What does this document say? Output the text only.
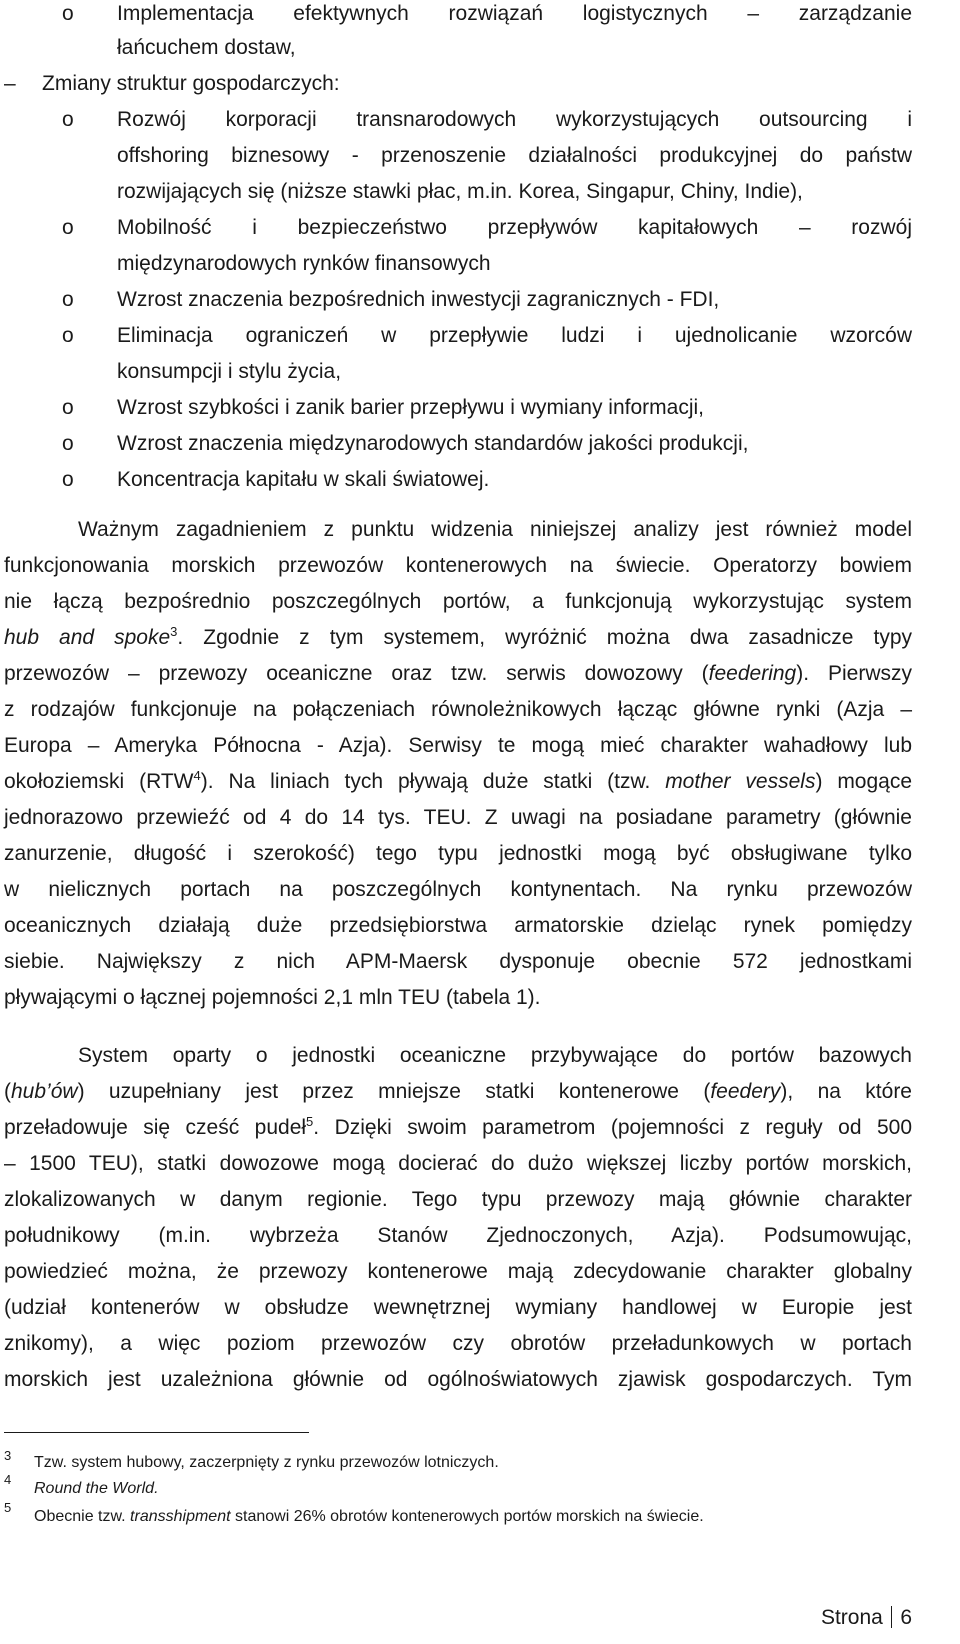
o Implementacja efektywnych rozwiązań logistycznych – zarządzanie
łańcuchem dostaw,
– Zmiany struktur gospodarczych:
o Rozwój korporacji transnarodowych wykorzystujących outsourcing i
offshoring biznesowy - przenoszenie działalności produkcyjnej do państw
rozwijających się (niższe stawki płac, m.in. Korea, Singapur, Chiny, Indie),
o Mobilność i bezpieczeństwo przepływów kapitałowych – rozwój
międzynarodowych rynków finansowych
o Wzrost znaczenia bezpośrednich inwestycji zagranicznych - FDI,
o Eliminacja ograniczeń w przepływie ludzi i ujednolicanie wzorców
konsumpcji i stylu życia,
o Wzrost szybkości i zanik barier przepływu i wymiany informacji,
o Wzrost znaczenia międzynarodowych standardów jakości produkcji,
o Koncentracja kapitału w skali światowej.
Ważnym zagadnieniem z punktu widzenia niniejszej analizy jest również model
funkcjonowania morskich przewozów kontenerowych na świecie. Operatorzy bowiem
nie łączą bezpośrednio poszczególnych portów, a funkcjonują wykorzystując system
hub and spoke$^3$. Zgodnie z tym systemem, wyróżnić można dwa zasadnicze typy
przewozów – przewozy oceaniczne oraz tzw. serwis dowozowy (feedering). Pierwszy
z rodzajów funkcjonuje na połączeniach równoleżnikowych łącząc główne rynki (Azja –
Europa – Ameryka Północna - Azja). Serwisy te mogą mieć charakter wahadłowy lub
okołoziemski (RTW$^4$). Na liniach tych pływają duże statki (tzw. mother vessels) mogące
jednorazowo przewieźć od 4 do 14 tys. TEU. Z uwagi na posiadane parametry (głównie
zanurzenie, długość i szerokość) tego typu jednostki mogą być obsługiwane tylko
w nielicznych portach na poszczególnych kontynentach. Na rynku przewozów
oceanicznych działają duże przedsiębiorstwa armatorskie dzieląc rynek pomiędzy
siebie. Największy z nich APM-Maersk dysponuje obecnie 572 jednostkami
pływającymi o łącznej pojemności 2,1 mln TEU (tabela 1).
System oparty o jednostki oceaniczne przybywające do portów bazowych
(hub’ów) uzupełniany jest przez mniejsze statki kontenerowe (feedery), na które
przeładowuje się cześć pudeł$^5$. Dzięki swoim parametrom (pojemności z reguły od 500
– 1500 TEU), statki dowozowe mogą docierać do dużo większej liczby portów morskich,
zlokalizowanych w danym regionie. Tego typu przewozy mają głównie charakter
południkowy (m.in. wybrzeża Stanów Zjednoczonych, Azja). Podsumowując,
powiedzieć można, że przewozy kontenerowe mają zdecydowanie charakter globalny
(udział kontenerów w obsłudze wewnętrznej wymiany handlowej w Europie jest
znikomy), a więc poziom przewozów czy obrotów przeładunkowych w portach
morskich jest uzależniona głównie od ogólnoświatowych zjawisk gospodarczych. Tym
3 Tzw. system hubowy, zaczerpnięty z rynku przewozów lotniczych.
4
Round the World.
5
Obecnie tzw. transshipment stanowi 26% obrotów kontenerowych portów morskich na świecie.
Strona 6
